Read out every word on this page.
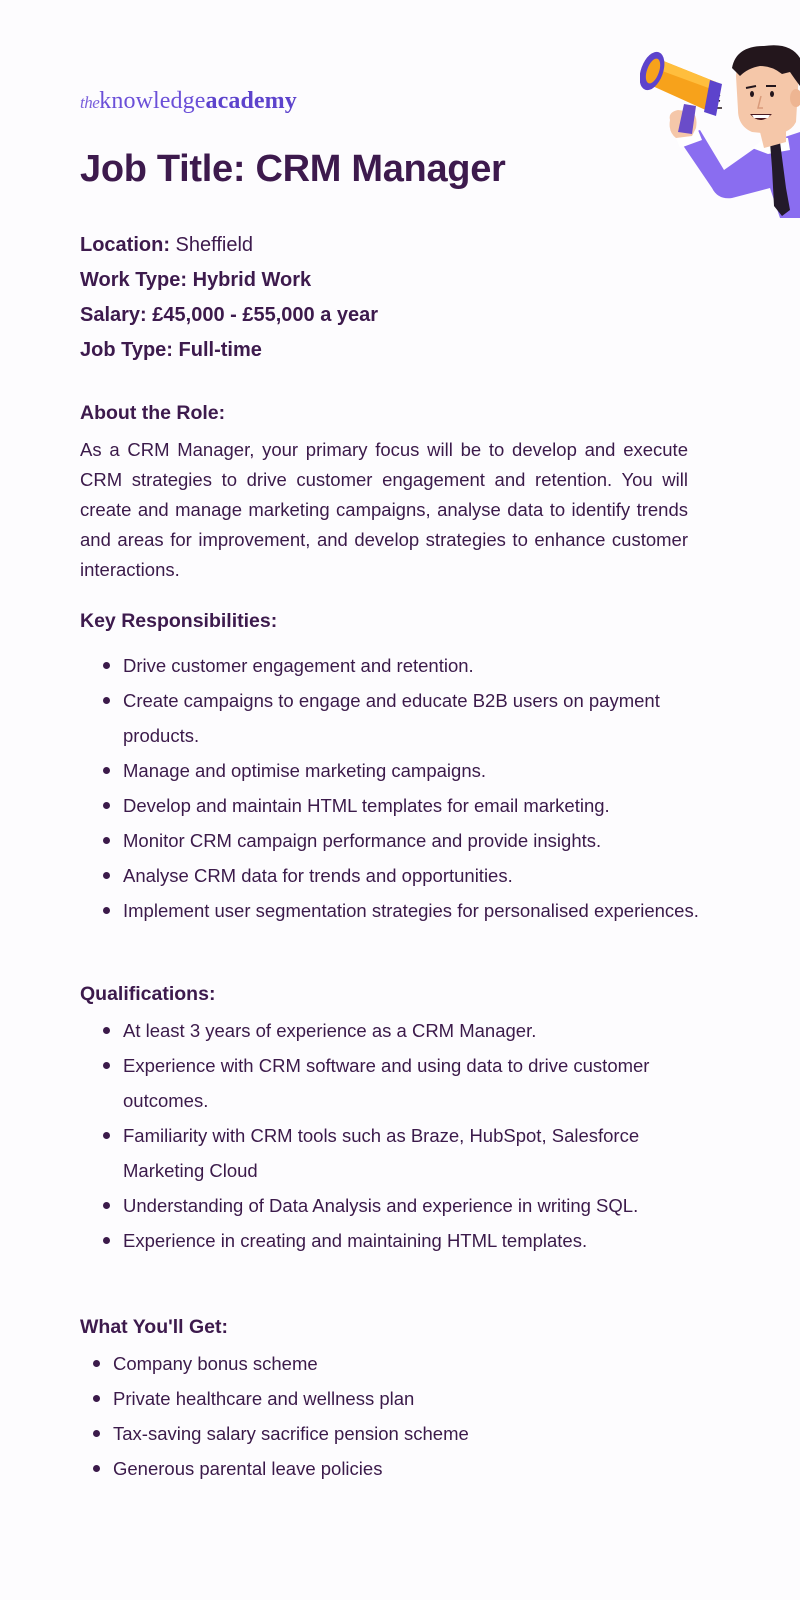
theknowledgeacademy
Job Title: CRM Manager
Location: Sheffield
Work Type: Hybrid Work
Salary: £45,000 - £55,000 a year
Job Type: Full-time
About the Role:

As a CRM Manager, your primary focus will be to develop and execute CRM strategies to drive customer engagement and retention. You will create and manage marketing campaigns, analyse data to identify trends and areas for improvement, and develop strategies to enhance customer interactions.

Key Responsibilities:
Drive customer engagement and retention.
Create campaigns to engage and educate B2B users on payment products.
Manage and optimise marketing campaigns.
Develop and maintain HTML templates for email marketing.
Monitor CRM campaign performance and provide insights.
Analyse CRM data for trends and opportunities.
Implement user segmentation strategies for personalised experiences.
Qualifications:
At least 3 years of experience as a CRM Manager.
Experience with CRM software and using data to drive customer outcomes.
Familiarity with CRM tools such as Braze, HubSpot, Salesforce Marketing Cloud
Understanding of Data Analysis and experience in writing SQL.
Experience in creating and maintaining HTML templates.
What You'll Get:
Company bonus scheme
Private healthcare and wellness plan
Tax-saving salary sacrifice pension scheme
Generous parental leave policies
